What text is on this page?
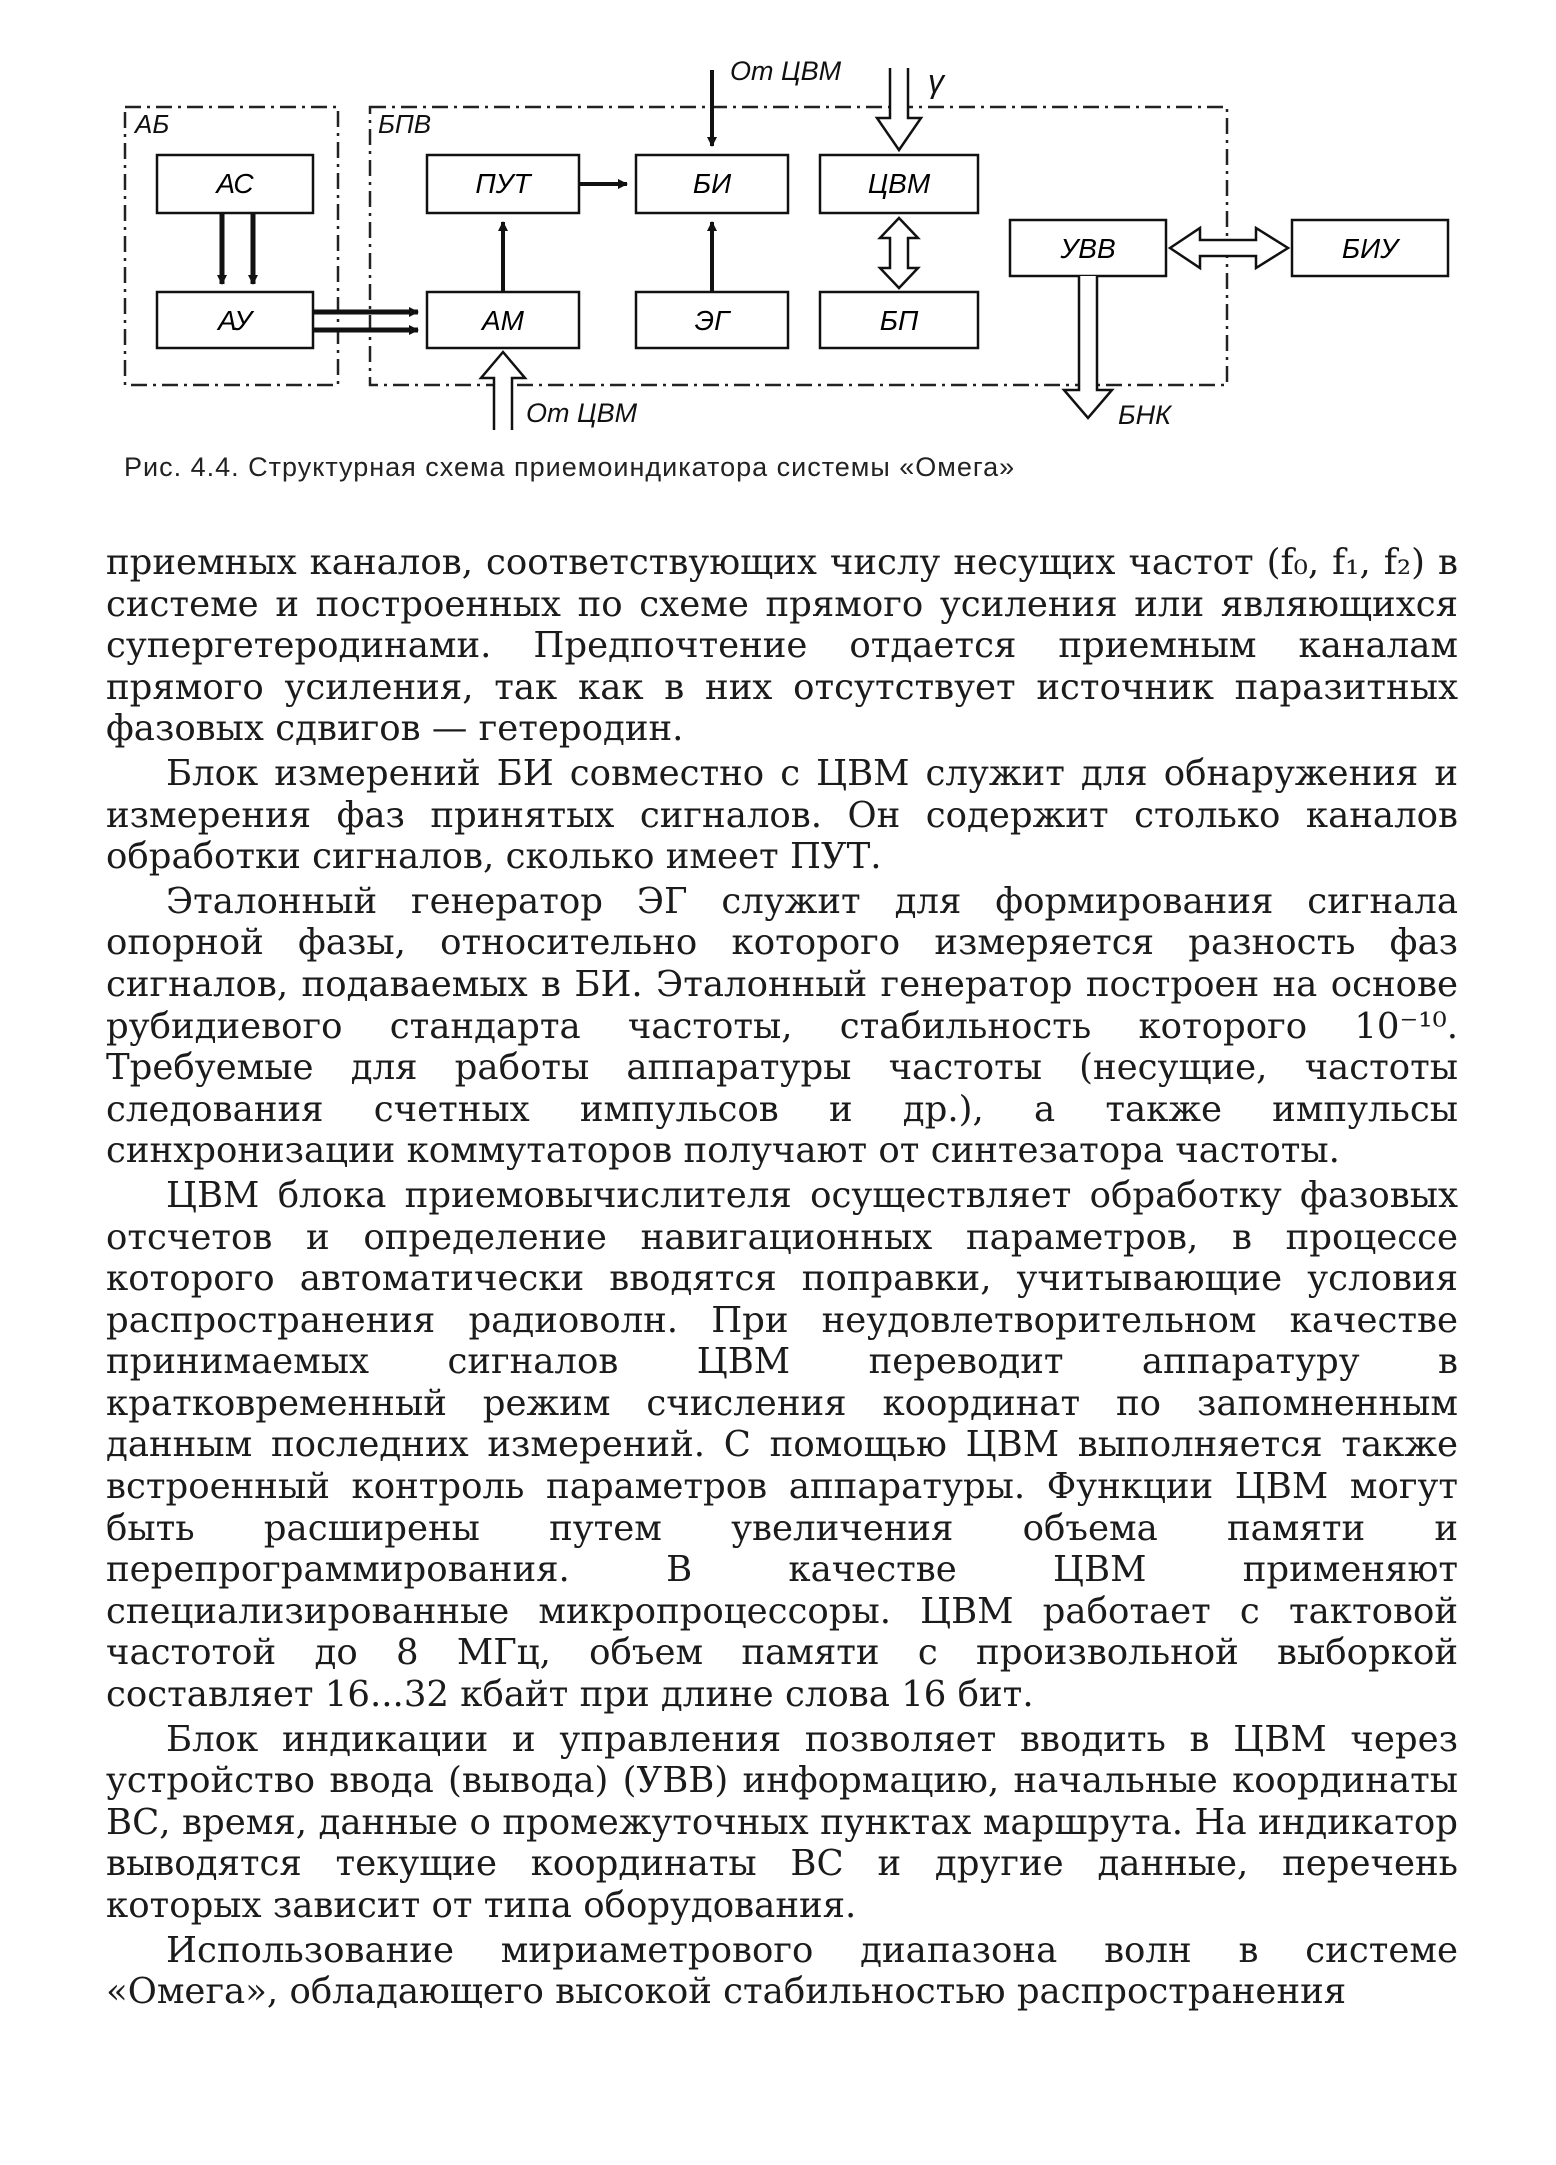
АБ	БПВ
АС
АУ
ПУТ
АМ
БИ
ЭГ
ЦВМ
БП
УВВ	БИУ
От ЦВМ	γ
БНК
От ЦВМ
Рис. 4.4. Структурная схема приемоиндикатора системы «Омега»

приемных каналов, соответствующих числу несущих частот (f₀, f₁, f₂) в системе и построенных по схеме прямого усиления или являющихся супергетеродинами. Предпочтение отдается приемным каналам прямого усиления, так как в них отсутствует источник паразитных фазовых сдвигов — гетеродин.

Блок измерений БИ совместно с ЦВМ служит для обнаружения и измерения фаз принятых сигналов. Он содержит столько каналов обработки сигналов, сколько имеет ПУТ.

Эталонный генератор ЭГ служит для формирования сигнала опорной фазы, относительно которого измеряется разность фаз сигналов, подаваемых в БИ. Эталонный генератор построен на основе рубидиевого стандарта частоты, стабильность которого 10⁻¹⁰. Требуемые для работы аппаратуры частоты (несущие, частоты следования счетных импульсов и др.), а также импульсы синхронизации коммутаторов получают от синтезатора частоты.

ЦВМ блока приемовычислителя осуществляет обработку фазовых отсчетов и определение навигационных параметров, в процессе которого автоматически вводятся поправки, учитывающие условия распространения радиоволн. При неудовлетворительном качестве принимаемых сигналов ЦВМ переводит аппаратуру в кратковременный режим счисления координат по запомненным данным последних измерений. С помощью ЦВМ выполняется также встроенный контроль параметров аппаратуры. Функции ЦВМ могут быть расширены путем увеличения объема памяти и перепрограммирования. В качестве ЦВМ применяют специализированные микропроцессоры. ЦВМ работает с тактовой частотой до 8 МГц, объем памяти с произвольной выборкой составляет 16...32 кбайт при длине слова 16 бит.

Блок индикации и управления позволяет вводить в ЦВМ через устройство ввода (вывода) (УВВ) информацию, начальные координаты ВС, время, данные о промежуточных пунктах маршрута. На индикатор выводятся текущие координаты ВС и другие данные, перечень которых зависит от типа оборудования.

Использование мириаметрового диапазона волн в системе «Омега», обладающего высокой стабильностью распространения
